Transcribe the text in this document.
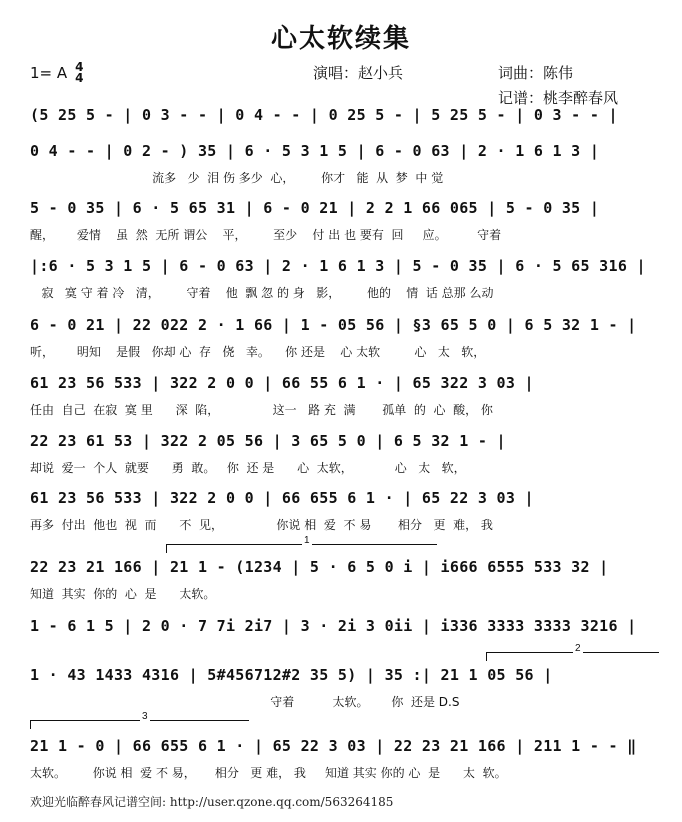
心太软续集
1= A 4
4	演唱：赵小兵	词曲：陈伟
记谱：桃李醉春风
(5 25 5 - | 0 3 - - | 0 4 - - | 0 25 5 - | 5 25 5 - | 0 3 - - |
0 4 - - | 0 2 - ) 35 | 6 · 5 3 1 5 | 6 - 0 63 | 2 · 1 6 1 3 |
流多   少  泪 伤 多少  心，       你才   能  从  梦  中 觉
5 - 0 35 | 6 · 5 65 31 | 6 - 0 21 | 2 2 1 66 065 | 5 - 0 35 |
醒，      爱情    虽  然  无所 谓公    平，       至少    付 出 也 要有  回     应。        守着
|:6 · 5 3 1 5 | 6 - 0 63 | 2 · 1 6 1 3 | 5 - 0 35 | 6 · 5 65 316 |
寂   寞 守 着 冷   清，       守着    他  飘 忽 的 身   影，       他的    情  话 总那 么动
6 - 0 21 | 22 022 2 · 1 66 | 1 - 05 56 | §3 65 5 0 | 6 5 32 1 - |
听，      明知    是假   你却 心  存   侥   幸。    你 还是    心 太软         心   太   软，
61 23 56 533 | 322 2 0 0 | 66 55 6 1 · | 65 322 3 03 |
任由  自己  在寂  寞 里      深  陷，              这一   路 充  满       孤单  的  心  酸， 你
22 23 61 53 | 322 2 05 56 | 3 65 5 0 | 6 5 32 1 - |
却说  爱一  个人  就要      勇  敢。   你  还 是      心  太软，           心   太   软，
61 23 56 533 | 322 2 0 0 | 66 655 6 1 · | 65 22 3 03 |
再多  付出  他也  视  而      不  见，              你说 相  爱  不 易       相分   更  难， 我
1
22 23 21 166 | 21 1 - (1234 | 5 · 6 5 0 i | i666 6555 533 32 |
知道  其实  你的  心  是      太软。
1 - 6 1 5 | 2 0 · 7 7i 2i7 | 3 · 2i 3 0ii | i336 3333 3333 3216 |
2
1 · 43 1433 4316 | 5#456712#2 35 5) | 35 :| 21 1 05 56 |
守着          太软。      你  还是 D.S
3
21 1 - 0 | 66 655 6 1 · | 65 22 3 03 | 22 23 21 166 | 211 1 - - ‖
太软。       你说 相  爱 不 易，     相分   更 难， 我     知道 其实 你的 心  是      太  软。
欢迎光临醉春风记谱空间: http://user.qzone.qq.com/563264185
